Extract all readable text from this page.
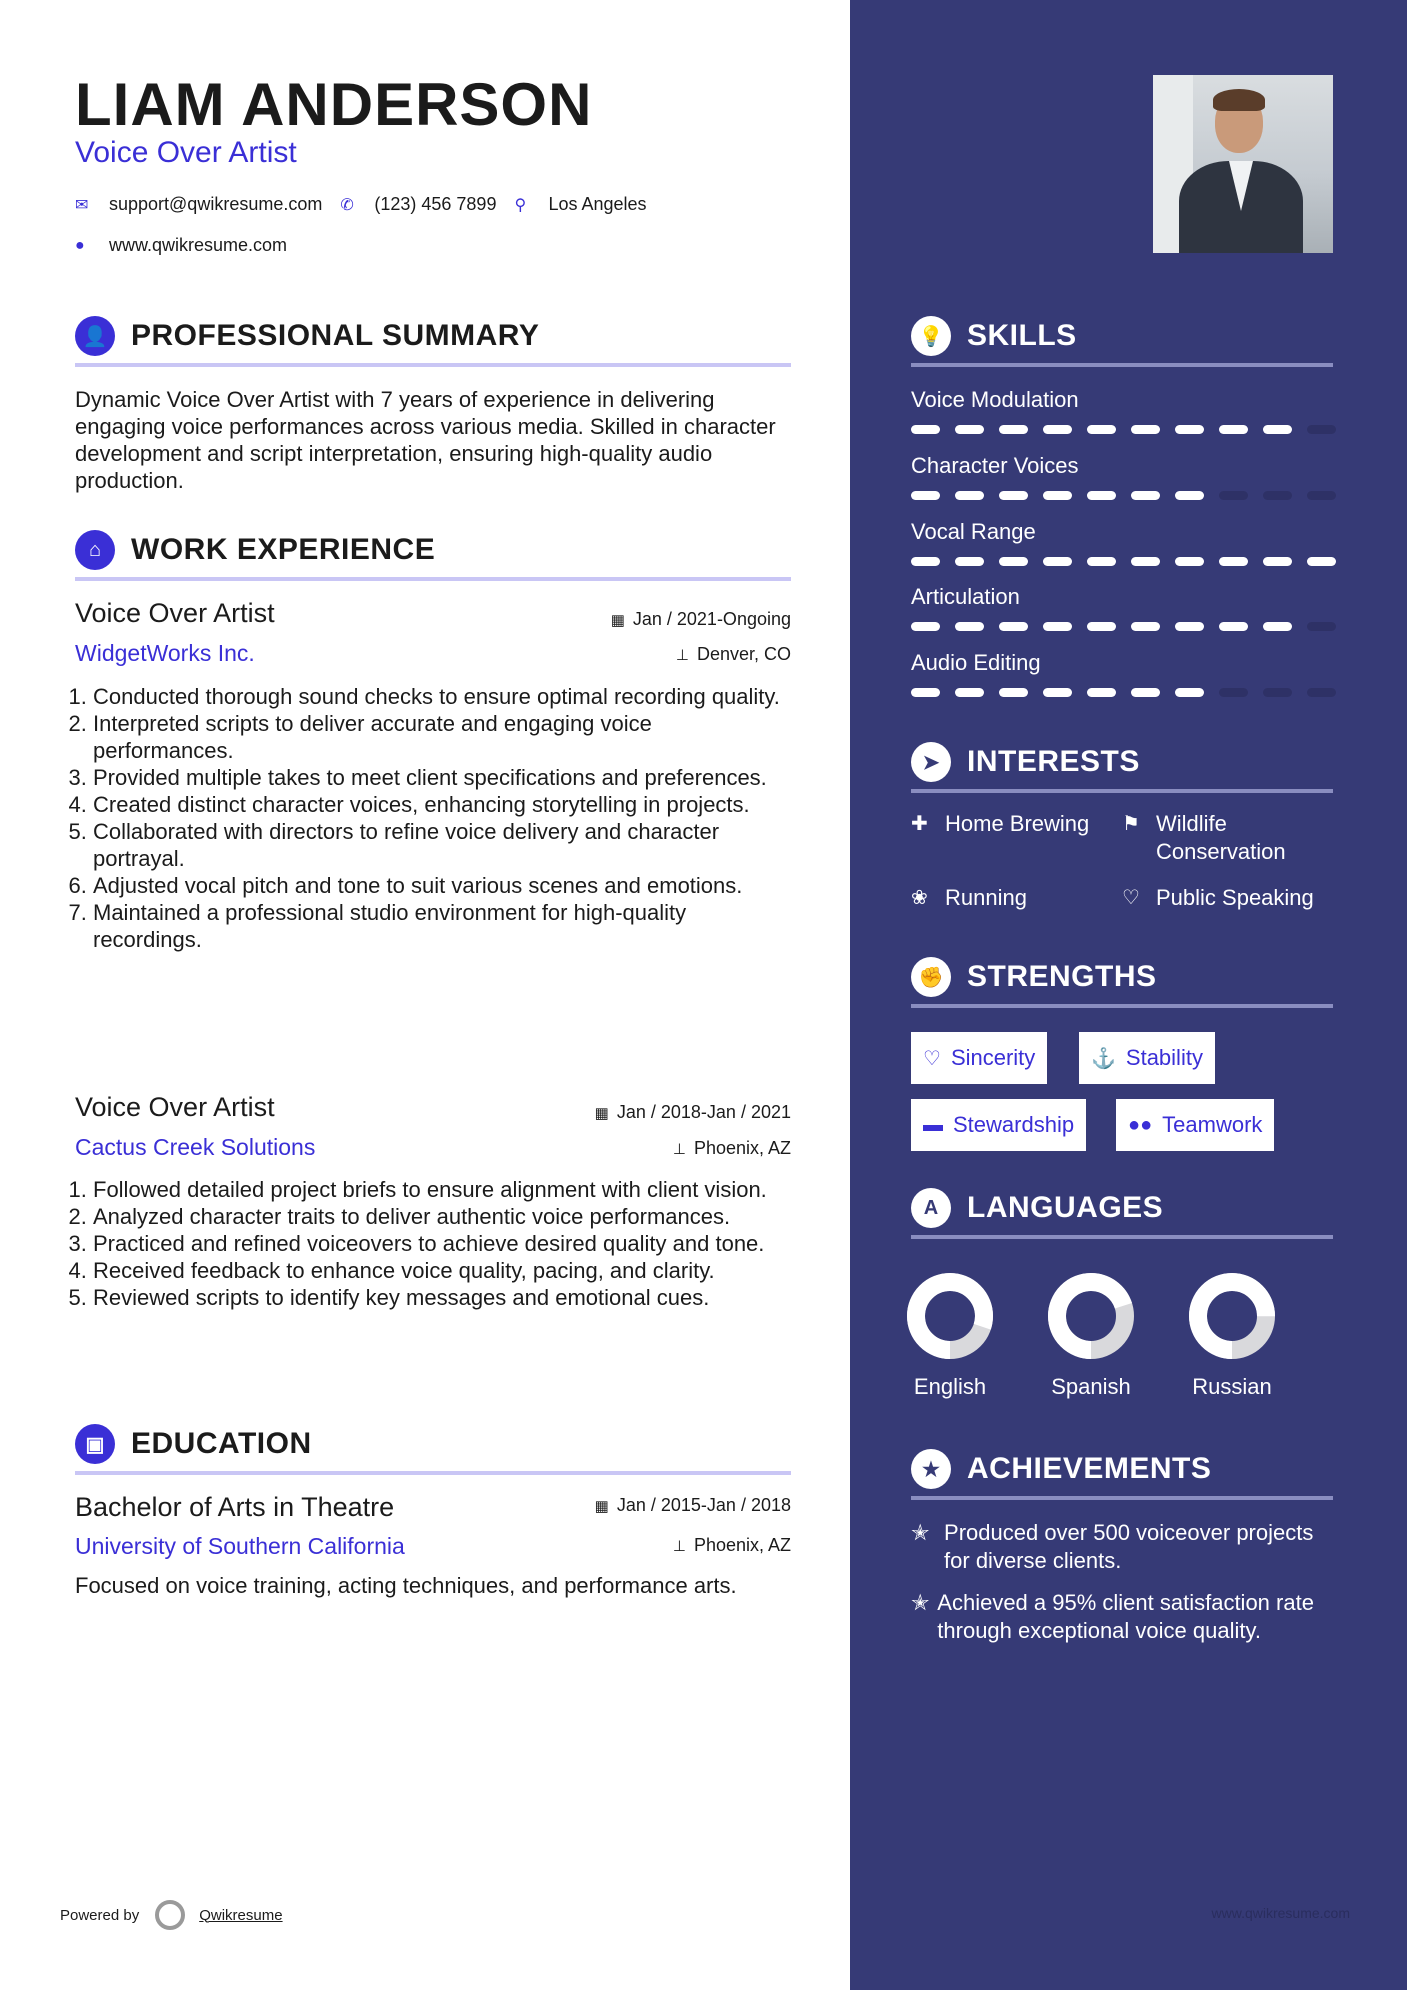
LIAM ANDERSON
Voice Over Artist
✉	support@qwikresume.com ✆	(123) 456 7899 ⚲	Los Angeles
●	www.qwikresume.com
👤 PROFESSIONAL SUMMARY
Dynamic Voice Over Artist with 7 years of experience in delivering engaging voice performances across various media. Skilled in character development and script interpretation, ensuring high-quality audio production.
⌂ WORK EXPERIENCE
Voice Over Artist	▦ Jan / 2021-Ongoing
WidgetWorks Inc.	⊥ Denver, CO
1. Conducted thorough sound checks to ensure optimal recording quality.
2. Interpreted scripts to deliver accurate and engaging voice performances.
3. Provided multiple takes to meet client specifications and preferences.
4. Created distinct character voices, enhancing storytelling in projects.
5. Collaborated with directors to refine voice delivery and character portrayal.
6. Adjusted vocal pitch and tone to suit various scenes and emotions.
7. Maintained a professional studio environment for high-quality recordings.
Voice Over Artist	▦ Jan / 2018-Jan / 2021
Cactus Creek Solutions	⊥ Phoenix, AZ
1. Followed detailed project briefs to ensure alignment with client vision.
2. Analyzed character traits to deliver authentic voice performances.
3. Practiced and refined voiceovers to achieve desired quality and tone.
4. Received feedback to enhance voice quality, pacing, and clarity.
5. Reviewed scripts to identify key messages and emotional cues.
▣ EDUCATION
Bachelor of Arts in Theatre	▦ Jan / 2015-Jan / 2018
University of Southern California	⊥ Phoenix, AZ
Focused on voice training, acting techniques, and performance arts.
Powered by	Qwikresume
💡 SKILLS
Voice Modulation
Character Voices
Vocal Range
Articulation
Audio Editing
➤ INTERESTS
✚ Home Brewing ⚑ Wildlife Conservation
❀ Running	♡ Public Speaking
✊ STRENGTHS
♡ Sincerity	⚓ Stability
▬ Stewardship	●● Teamwork
A LANGUAGES
English	Spanish	Russian
★ ACHIEVEMENTS
✭ Produced over 500 voiceover projects for diverse clients.
✭ Achieved a 95% client satisfaction rate through exceptional voice quality.
www.qwikresume.com
